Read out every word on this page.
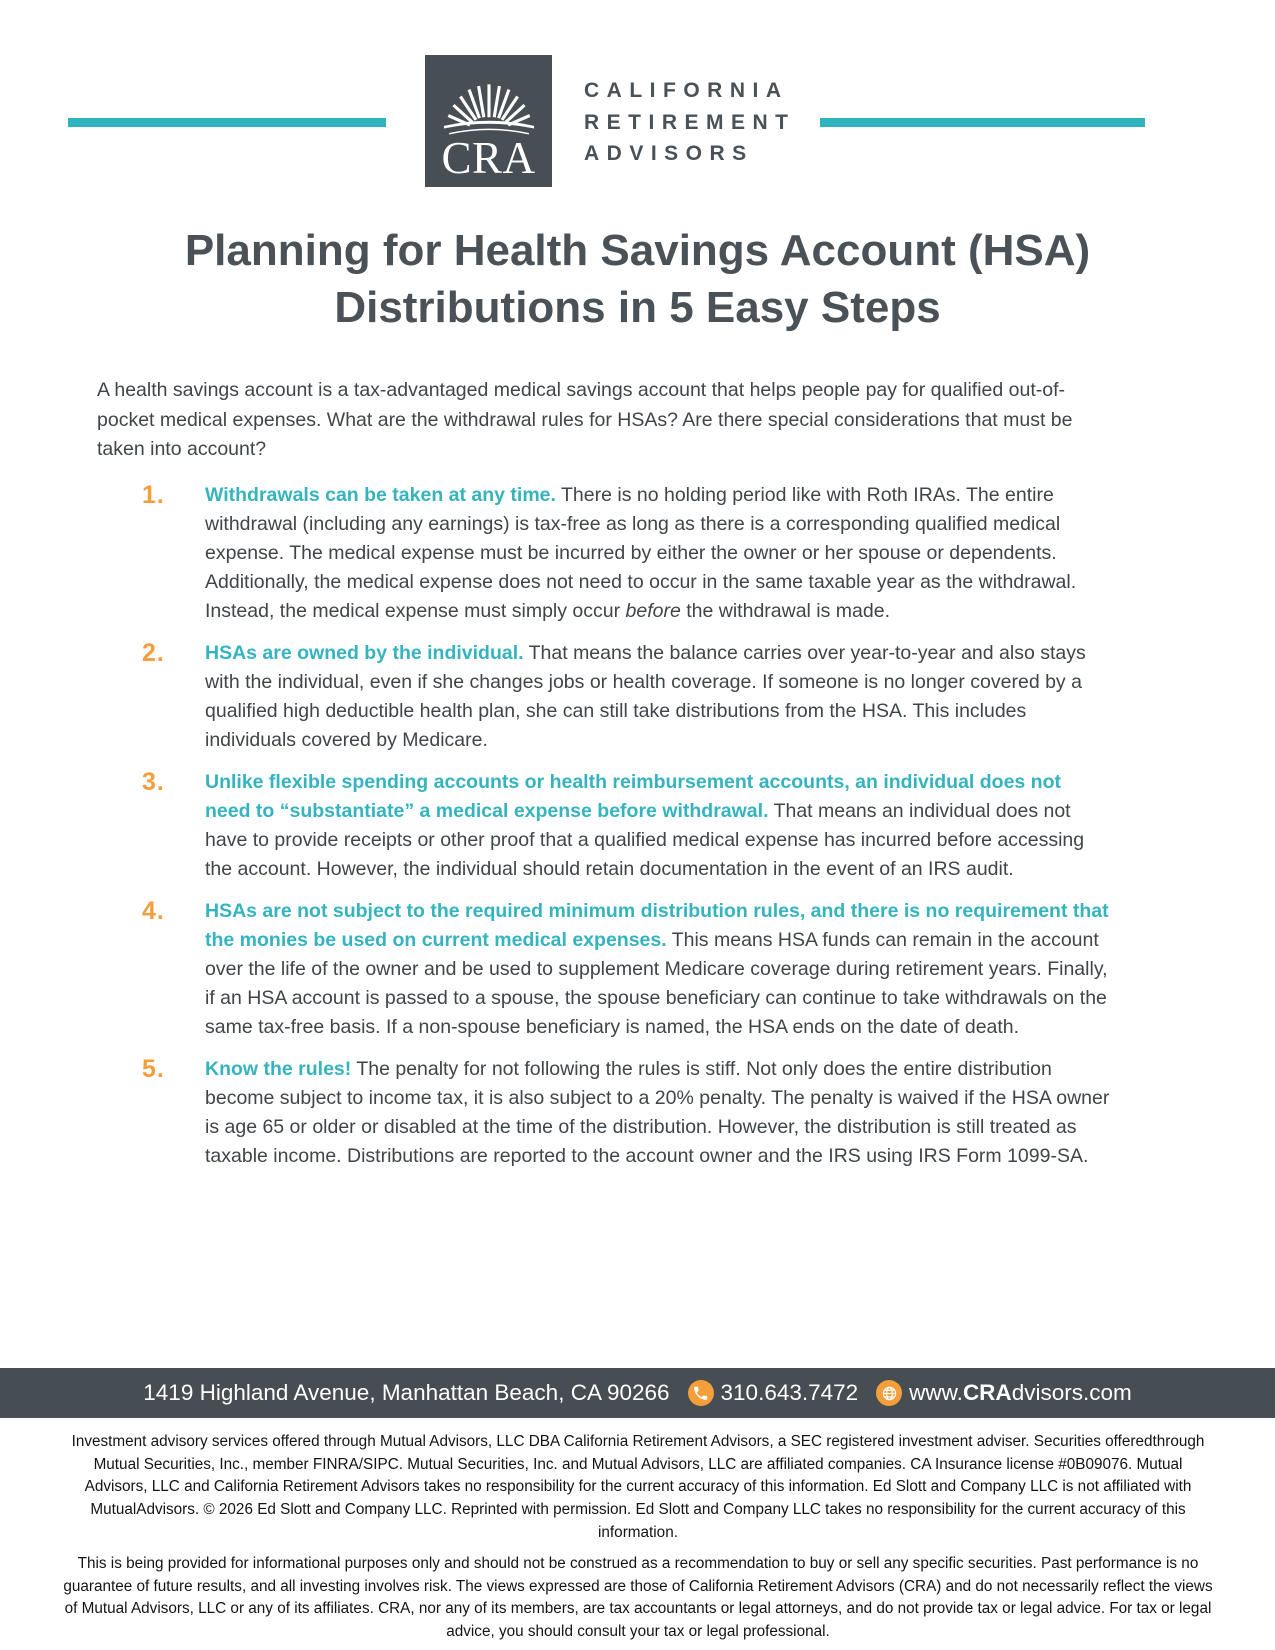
CRA
CALIFORNIA
RETIREMENT
ADVISORS
Planning for Health Savings Account (HSA)
Distributions in 5 Easy Steps
A health savings account is a tax-advantaged medical savings account that helps people pay for qualified out-of-pocket medical expenses. What are the withdrawal rules for HSAs? Are there special considerations that must be taken into account?
1.	Withdrawals can be taken at any time. There is no holding period like with Roth IRAs. The entire withdrawal (including any earnings) is tax-free as long as there is a corresponding qualified medical expense. The medical expense must be incurred by either the owner or her spouse or dependents. Additionally, the medical expense does not need to occur in the same taxable year as the withdrawal. Instead, the medical expense must simply occur before the withdrawal is made.
2.	HSAs are owned by the individual. That means the balance carries over year-to-year and also stays with the individual, even if she changes jobs or health coverage. If someone is no longer covered by a qualified high deductible health plan, she can still take distributions from the HSA. This includes individuals covered by Medicare.
3.	Unlike flexible spending accounts or health reimbursement accounts, an individual does not need to “substantiate” a medical expense before withdrawal. That means an individual does not have to provide receipts or other proof that a qualified medical expense has incurred before accessing the account. However, the individual should retain documentation in the event of an IRS audit.
4.	HSAs are not subject to the required minimum distribution rules, and there is no requirement that the monies be used on current medical expenses. This means HSA funds can remain in the account over the life of the owner and be used to supplement Medicare coverage during retirement years. Finally, if an HSA account is passed to a spouse, the spouse beneficiary can continue to take withdrawals on the same tax-free basis. If a non-spouse beneficiary is named, the HSA ends on the date of death.
5.	Know the rules! The penalty for not following the rules is stiff. Not only does the entire distribution become subject to income tax, it is also subject to a 20% penalty. The penalty is waived if the HSA owner is age 65 or older or disabled at the time of the distribution. However, the distribution is still treated as taxable income. Distributions are reported to the account owner and the IRS using IRS Form 1099-SA.
1419 Highland Avenue, Manhattan Beach, CA 90266 310.643.7472 www. CRA dvisors.com
Investment advisory services offered through Mutual Advisors, LLC DBA California Retirement Advisors, a SEC registered investment adviser. Securities offeredthrough Mutual Securities, Inc., member FINRA/SIPC. Mutual Securities, Inc. and Mutual Advisors, LLC are affiliated companies. CA Insurance license #0B09076. Mutual Advisors, LLC and California Retirement Advisors takes no responsibility for the current accuracy of this information. Ed Slott and Company LLC is not affiliated with MutualAdvisors. © 2026 Ed Slott and Company LLC. Reprinted with permission. Ed Slott and Company LLC takes no responsibility for the current accuracy of this information.
This is being provided for informational purposes only and should not be construed as a recommendation to buy or sell any specific securities. Past performance is no guarantee of future results, and all investing involves risk. The views expressed are those of California Retirement Advisors (CRA) and do not necessarily reflect the views of Mutual Advisors, LLC or any of its affiliates. CRA, nor any of its members, are tax accountants or legal attorneys, and do not provide tax or legal advice. For tax or legal advice, you should consult your tax or legal professional.
